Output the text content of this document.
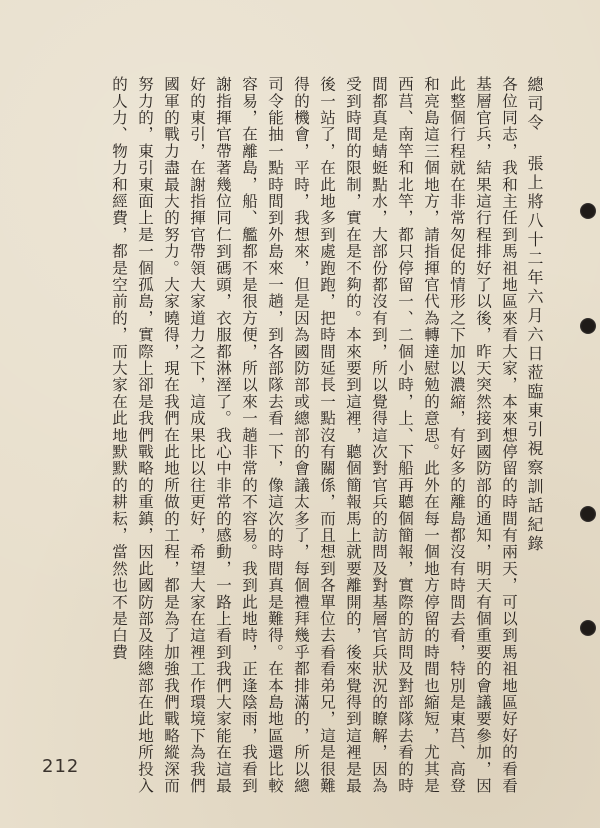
總司令 張上將八十二年六月六日蒞臨東引視察訓話紀錄
各位同志，我和主任到馬祖地區來看大家，本來想停留的時間有兩天，可以到馬祖地區好好的看看基層官兵，結果這行程排好了以後，昨天突然接到國防部的通知，明天有個重要的會議要參加，因此整個行程就在非常匆促的情形之下加以濃縮，有好多的離島都沒有時間去看，特別是東莒、高登和亮島這三個地方，請指揮官代為轉達慰勉的意思。此外在每一個地方停留的時間也縮短，尤其是西莒、南竿和北竿，都只停留一、二個小時，上、下船再聽個簡報，實際的訪問及對部隊去看的時間都真是蜻蜓點水，大部份都沒有到，所以覺得這次對官兵的訪問及對基層官兵狀況的瞭解，因為受到時間的限制，實在是不夠的。本來要到這裡，聽個簡報馬上就要離開的，後來覺得到這裡是最後一站了，在此地多到處跑跑，把時間延長一點沒有關係，而且想到各單位去看看弟兄，這是很難得的機會，平時，我想來，但是因為國防部或總部的會議太多了，每個禮拜幾乎都排滿的，所以總司令能抽一點時間到外島來一趟，到各部隊去看一下，像這次的時間真是難得。在本島地區還比較容易，在離島，船、艦都不是很方便，所以來一趟非常的不容易。我到此地時，正逢陰雨，我看到謝指揮官帶著幾位同仁到碼頭，衣服都淋溼了。我心中非常的感動，一路上看到我們大家能在這最好的東引，在謝指揮官帶領大家道力之下，這成果比以往更好，希望大家在這裡工作環境下為我們國軍的戰力盡最大的努力。大家曉得，現在我們在此地所做的工程，都是為了加強我們戰略縱深而努力的，東引東面上是一個孤島，實際上卻是我們戰略的重鎮，因此國防部及陸總部在此地所投入的人力、物力和經費，都是空前的，而大家在此地默默的耕耘，當然也不是白費
212
